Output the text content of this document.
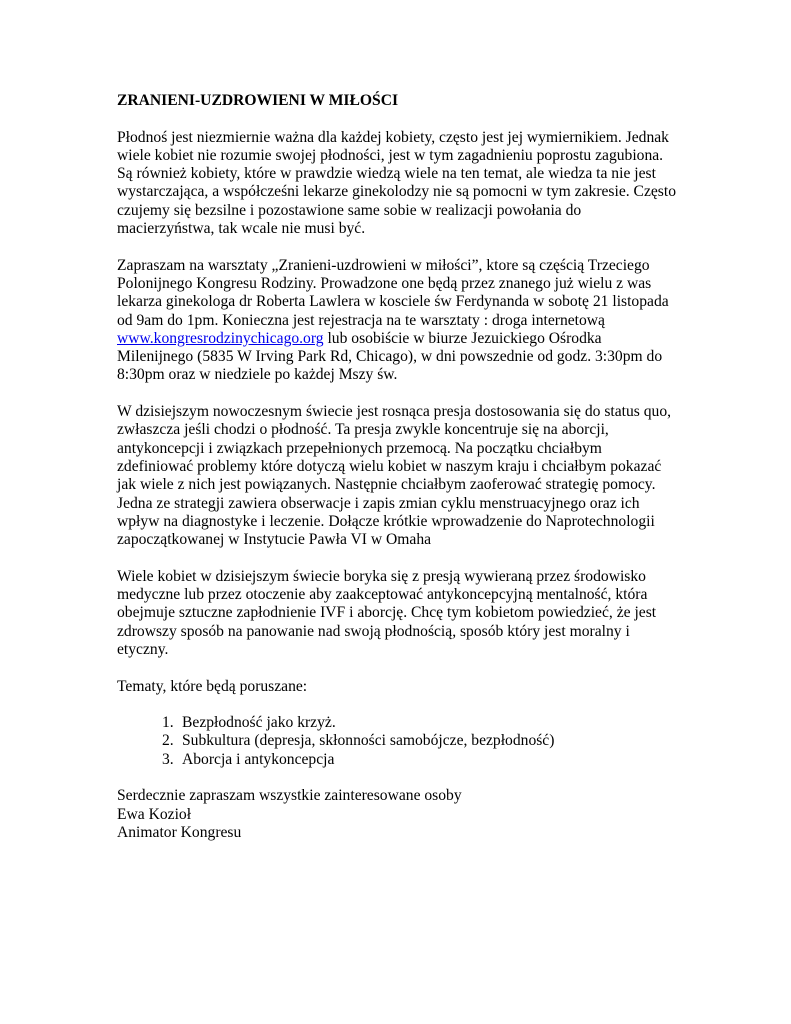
ZRANIENI-UZDROWIENI W MIŁOŚCI
Płodnoś jest niezmiernie ważna dla każdej kobiety, często jest jej wymiernikiem. Jednak
wiele kobiet nie rozumie swojej płodności, jest w tym zagadnieniu poprostu zagubiona.
Są również kobiety, które w prawdzie wiedzą wiele na ten temat, ale wiedza ta nie jest
wystarczająca, a współcześni lekarze ginekolodzy nie są pomocni w tym zakresie. Często
czujemy się bezsilne i pozostawione same sobie w realizacji powołania do
macierzyństwa, tak wcale nie musi być.
Zapraszam na warsztaty „Zranieni-uzdrowieni w miłości”, ktore są częścią Trzeciego
Polonijnego Kongresu Rodziny. Prowadzone one będą przez znanego już wielu z was
lekarza ginekologa dr Roberta Lawlera w kosciele św Ferdynanda w sobotę 21 listopada
od 9am do 1pm. Konieczna jest rejestracja na te warsztaty : droga internetową
www.kongresrodzinychicago.org lub osobiście w biurze Jezuickiego Ośrodka
Milenijnego (5835 W Irving Park Rd, Chicago), w dni powszednie od godz. 3:30pm do
8:30pm oraz w niedziele po każdej Mszy św.
W dzisiejszym nowoczesnym świecie jest rosnąca presja dostosowania się do status quo,
zwłaszcza jeśli chodzi o płodność. Ta presja zwykle koncentruje się na aborcji,
antykoncepcji i związkach przepełnionych przemocą. Na początku chciałbym
zdefiniować problemy które dotyczą wielu kobiet w naszym kraju i chciałbym pokazać
jak wiele z nich jest powiązanych. Następnie chciałbym zaoferować strategię pomocy.
Jedna ze strategji zawiera obserwacje i zapis zmian cyklu menstruacyjnego oraz ich
wpływ na diagnostyke i leczenie. Dołącze krótkie wprowadzenie do Naprotechnologii
zapoczątkowanej w Instytucie Pawła VI w Omaha
Wiele kobiet w dzisiejszym świecie boryka się z presją wywieraną przez środowisko
medyczne lub przez otoczenie aby zaakceptować antykoncepcyjną mentalność, która
obejmuje sztuczne zapłodnienie IVF i aborcję. Chcę tym kobietom powiedzieć, że jest
zdrowszy sposób na panowanie nad swoją płodnością, sposób który jest moralny i
etyczny.
Tematy, które będą poruszane:
1. Bezpłodność jako krzyż.
2. Subkultura (depresja, skłonności samobójcze, bezpłodność)
3. Aborcja i antykoncepcja
Serdecznie zapraszam wszystkie zainteresowane osoby
Ewa Kozioł
Animator Kongresu
